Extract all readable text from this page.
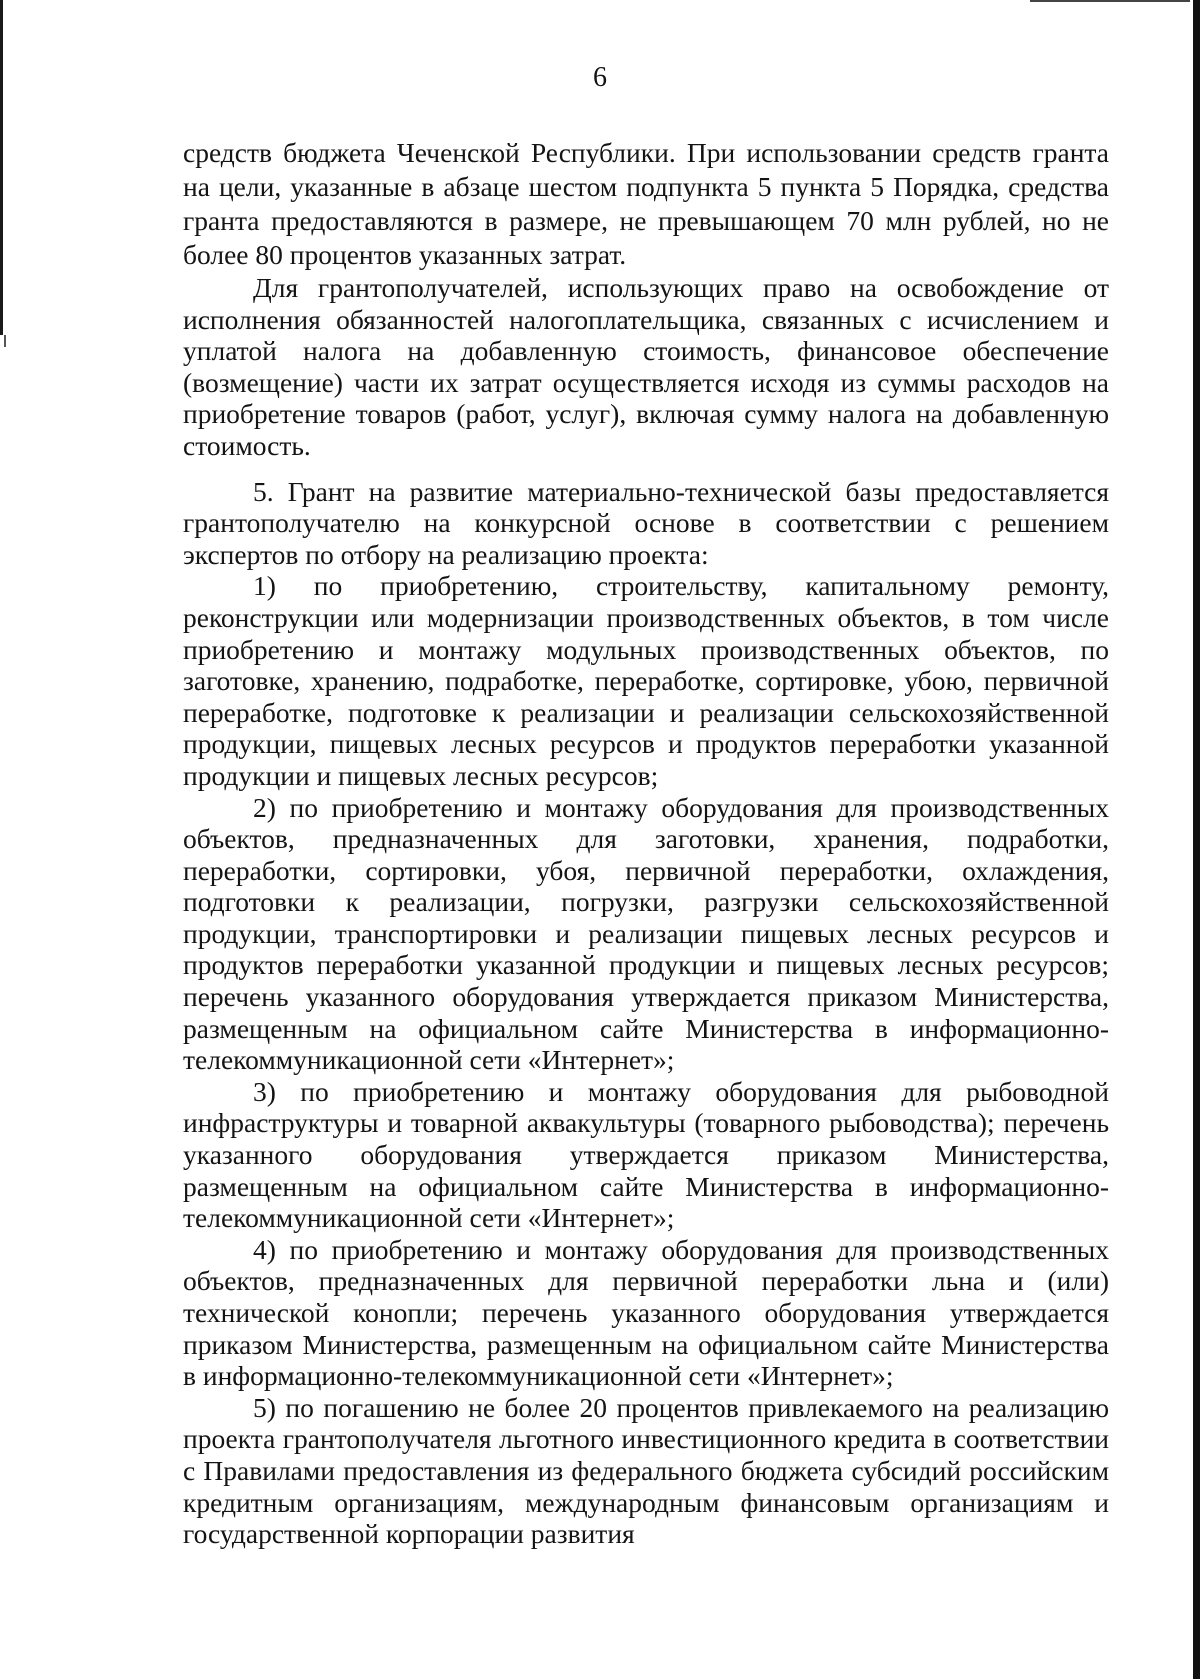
6

средств бюджета Чеченской Республики. При использовании средств гранта на цели, указанные в абзаце шестом подпункта 5 пункта 5 Порядка, средства гранта предоставляются в размере, не превышающем 70 млн рублей, но не более 80 процентов указанных затрат.

Для грантополучателей, использующих право на освобождение от исполнения обязанностей налогоплательщика, связанных с исчислением и уплатой налога на добавленную стоимость, финансовое обеспечение (возмещение) части их затрат осуществляется исходя из суммы расходов на приобретение товаров (работ, услуг), включая сумму налога на добавленную стоимость.

5. Грант на развитие материально-технической базы предоставляется грантополучателю на конкурсной основе в соответствии с решением экспертов по отбору на реализацию проекта:

1) по приобретению, строительству, капитальному ремонту, реконструкции или модернизации производственных объектов, в том числе приобретению и монтажу модульных производственных объектов, по заготовке, хранению, подработке, переработке, сортировке, убою, первичной переработке, подготовке к реализации и реализации сельскохозяйственной продукции, пищевых лесных ресурсов и продуктов переработки указанной продукции и пищевых лесных ресурсов;

2) по приобретению и монтажу оборудования для производственных объектов, предназначенных для заготовки, хранения, подработки, переработки, сортировки, убоя, первичной переработки, охлаждения, подготовки к реализации, погрузки, разгрузки сельскохозяйственной продукции, транспортировки и реализации пищевых лесных ресурсов и продуктов переработки указанной продукции и пищевых лесных ресурсов; перечень указанного оборудования утверждается приказом Министерства, размещенным на официальном сайте Министерства в информационно-телекоммуникационной сети «Интернет»;

3) по приобретению и монтажу оборудования для рыбоводной инфраструктуры и товарной аквакультуры (товарного рыбоводства); перечень указанного оборудования утверждается приказом Министерства, размещенным на официальном сайте Министерства в информационно-телекоммуникационной сети «Интернет»;

4) по приобретению и монтажу оборудования для производственных объектов, предназначенных для первичной переработки льна и (или) технической конопли; перечень указанного оборудования утверждается приказом Министерства, размещенным на официальном сайте Министерства в информационно-телекоммуникационной сети «Интернет»;

5) по погашению не более 20 процентов привлекаемого на реализацию проекта грантополучателя льготного инвестиционного кредита в соответствии с Правилами предоставления из федерального бюджета субсидий российским кредитным организациям, международным финансовым организациям и государственной корпорации развития
